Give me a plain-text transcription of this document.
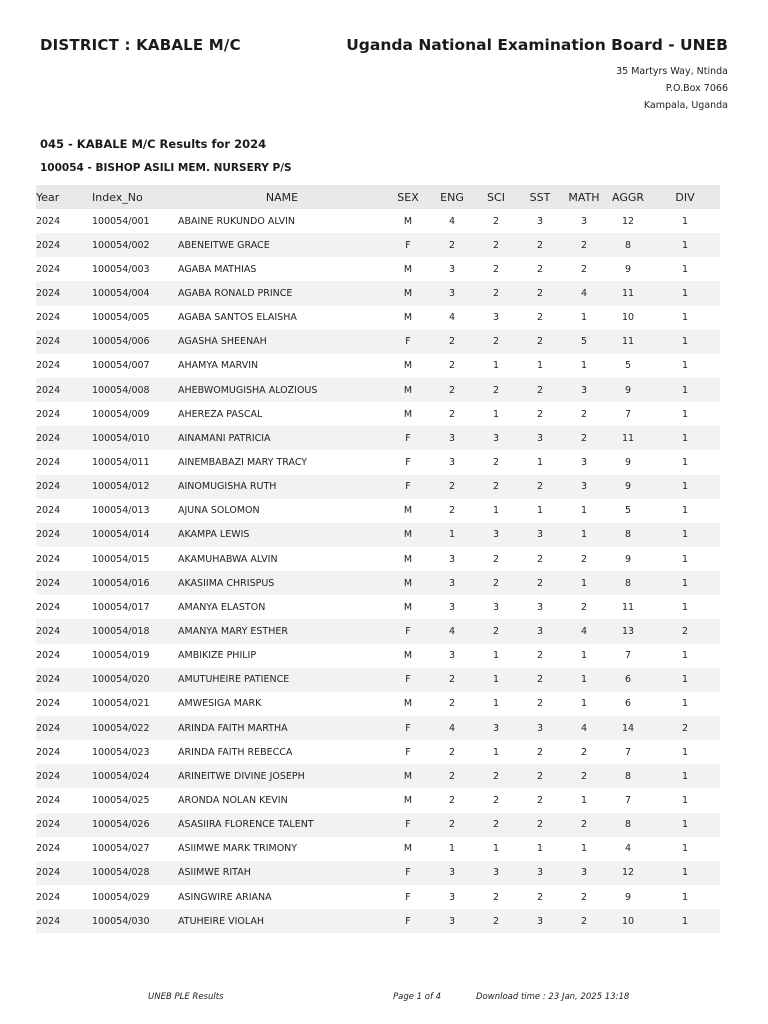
DISTRICT : KABALE M/C	Uganda National Examination Board - UNEB
35 Martyrs Way, Ntinda
P.O.Box 7066
Kampala, Uganda
045 - KABALE M/C Results for 2024
100054 - BISHOP ASILI MEM. NURSERY P/S
Year	Index_No	NAME	SEX	ENG	SCI	SST	MATH	AGGR	DIV
2024	100054/001	ABAINE RUKUNDO ALVIN	M	4	2	3	3	12	1
2024	100054/002	ABENEITWE GRACE	F	2	2	2	2	8	1
2024	100054/003	AGABA MATHIAS	M	3	2	2	2	9	1
2024	100054/004	AGABA RONALD PRINCE	M	3	2	2	4	11	1
2024	100054/005	AGABA SANTOS ELAISHA	M	4	3	2	1	10	1
2024	100054/006	AGASHA SHEENAH	F	2	2	2	5	11	1
2024	100054/007	AHAMYA MARVIN	M	2	1	1	1	5	1
2024	100054/008	AHEBWOMUGISHA ALOZIOUS	M	2	2	2	3	9	1
2024	100054/009	AHEREZA PASCAL	M	2	1	2	2	7	1
2024	100054/010	AINAMANI PATRICIA	F	3	3	3	2	11	1
2024	100054/011	AINEMBABAZI MARY TRACY	F	3	2	1	3	9	1
2024	100054/012	AINOMUGISHA RUTH	F	2	2	2	3	9	1
2024	100054/013	AJUNA SOLOMON	M	2	1	1	1	5	1
2024	100054/014	AKAMPA LEWIS	M	1	3	3	1	8	1
2024	100054/015	AKAMUHABWA ALVIN	M	3	2	2	2	9	1
2024	100054/016	AKASIIMA CHRISPUS	M	3	2	2	1	8	1
2024	100054/017	AMANYA ELASTON	M	3	3	3	2	11	1
2024	100054/018	AMANYA MARY ESTHER	F	4	2	3	4	13	2
2024	100054/019	AMBIKIZE PHILIP	M	3	1	2	1	7	1
2024	100054/020	AMUTUHEIRE PATIENCE	F	2	1	2	1	6	1
2024	100054/021	AMWESIGA MARK	M	2	1	2	1	6	1
2024	100054/022	ARINDA FAITH MARTHA	F	4	3	3	4	14	2
2024	100054/023	ARINDA FAITH REBECCA	F	2	1	2	2	7	1
2024	100054/024	ARINEITWE DIVINE JOSEPH	M	2	2	2	2	8	1
2024	100054/025	ARONDA NOLAN KEVIN	M	2	2	2	1	7	1
2024	100054/026	ASASIIRA FLORENCE TALENT	F	2	2	2	2	8	1
2024	100054/027	ASIIMWE MARK TRIMONY	M	1	1	1	1	4	1
2024	100054/028	ASIIMWE RITAH	F	3	3	3	3	12	1
2024	100054/029	ASINGWIRE ARIANA	F	3	2	2	2	9	1
2024	100054/030	ATUHEIRE VIOLAH	F	3	2	3	2	10	1
UNEB PLE Results	Page 1 of 4	Download time : 23 Jan, 2025 13:18
